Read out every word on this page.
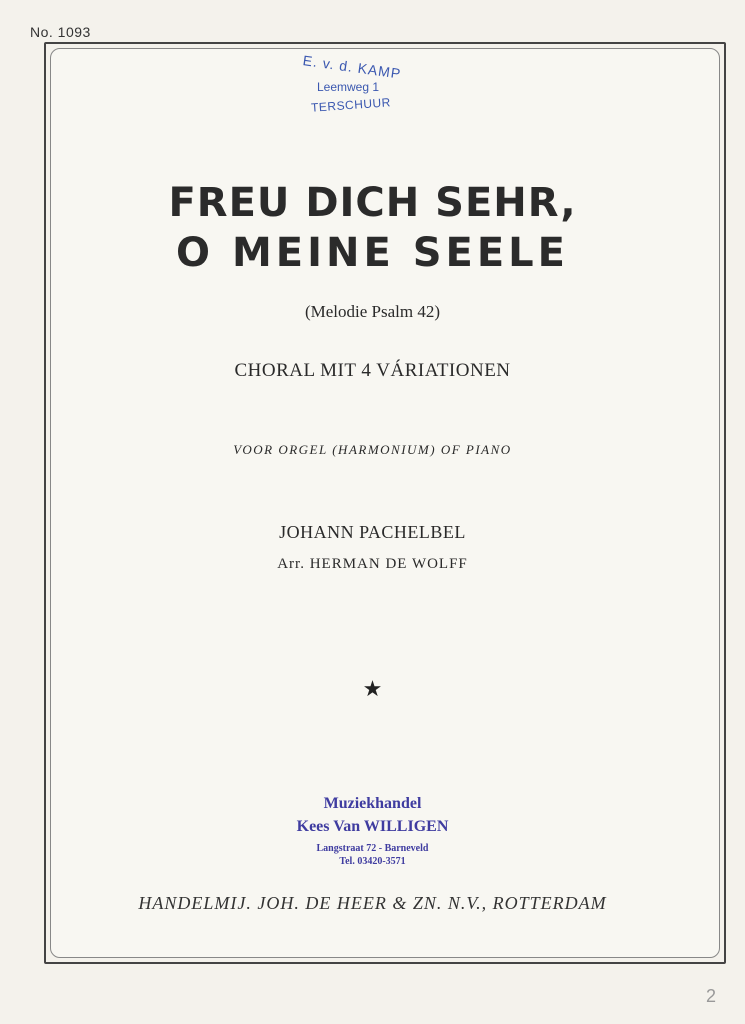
No. 1093
E. v. d. KAMP
Leemweg 1
TERSCHUUR
FREU DICH SEHR,
O MEINE SEELE
(Melodie Psalm 42)
CHORAL MIT 4 VÁRIATIONEN
VOOR ORGEL (HARMONIUM) OF PIANO
JOHANN PACHELBEL
Arr. HERMAN DE WOLFF
★
Muziekhandel
Kees Van WILLIGEN
Langstraat 72 - Barneveld
Tel. 03420-3571
HANDELMIJ. JOH. DE HEER & ZN. N.V., ROTTERDAM
2
